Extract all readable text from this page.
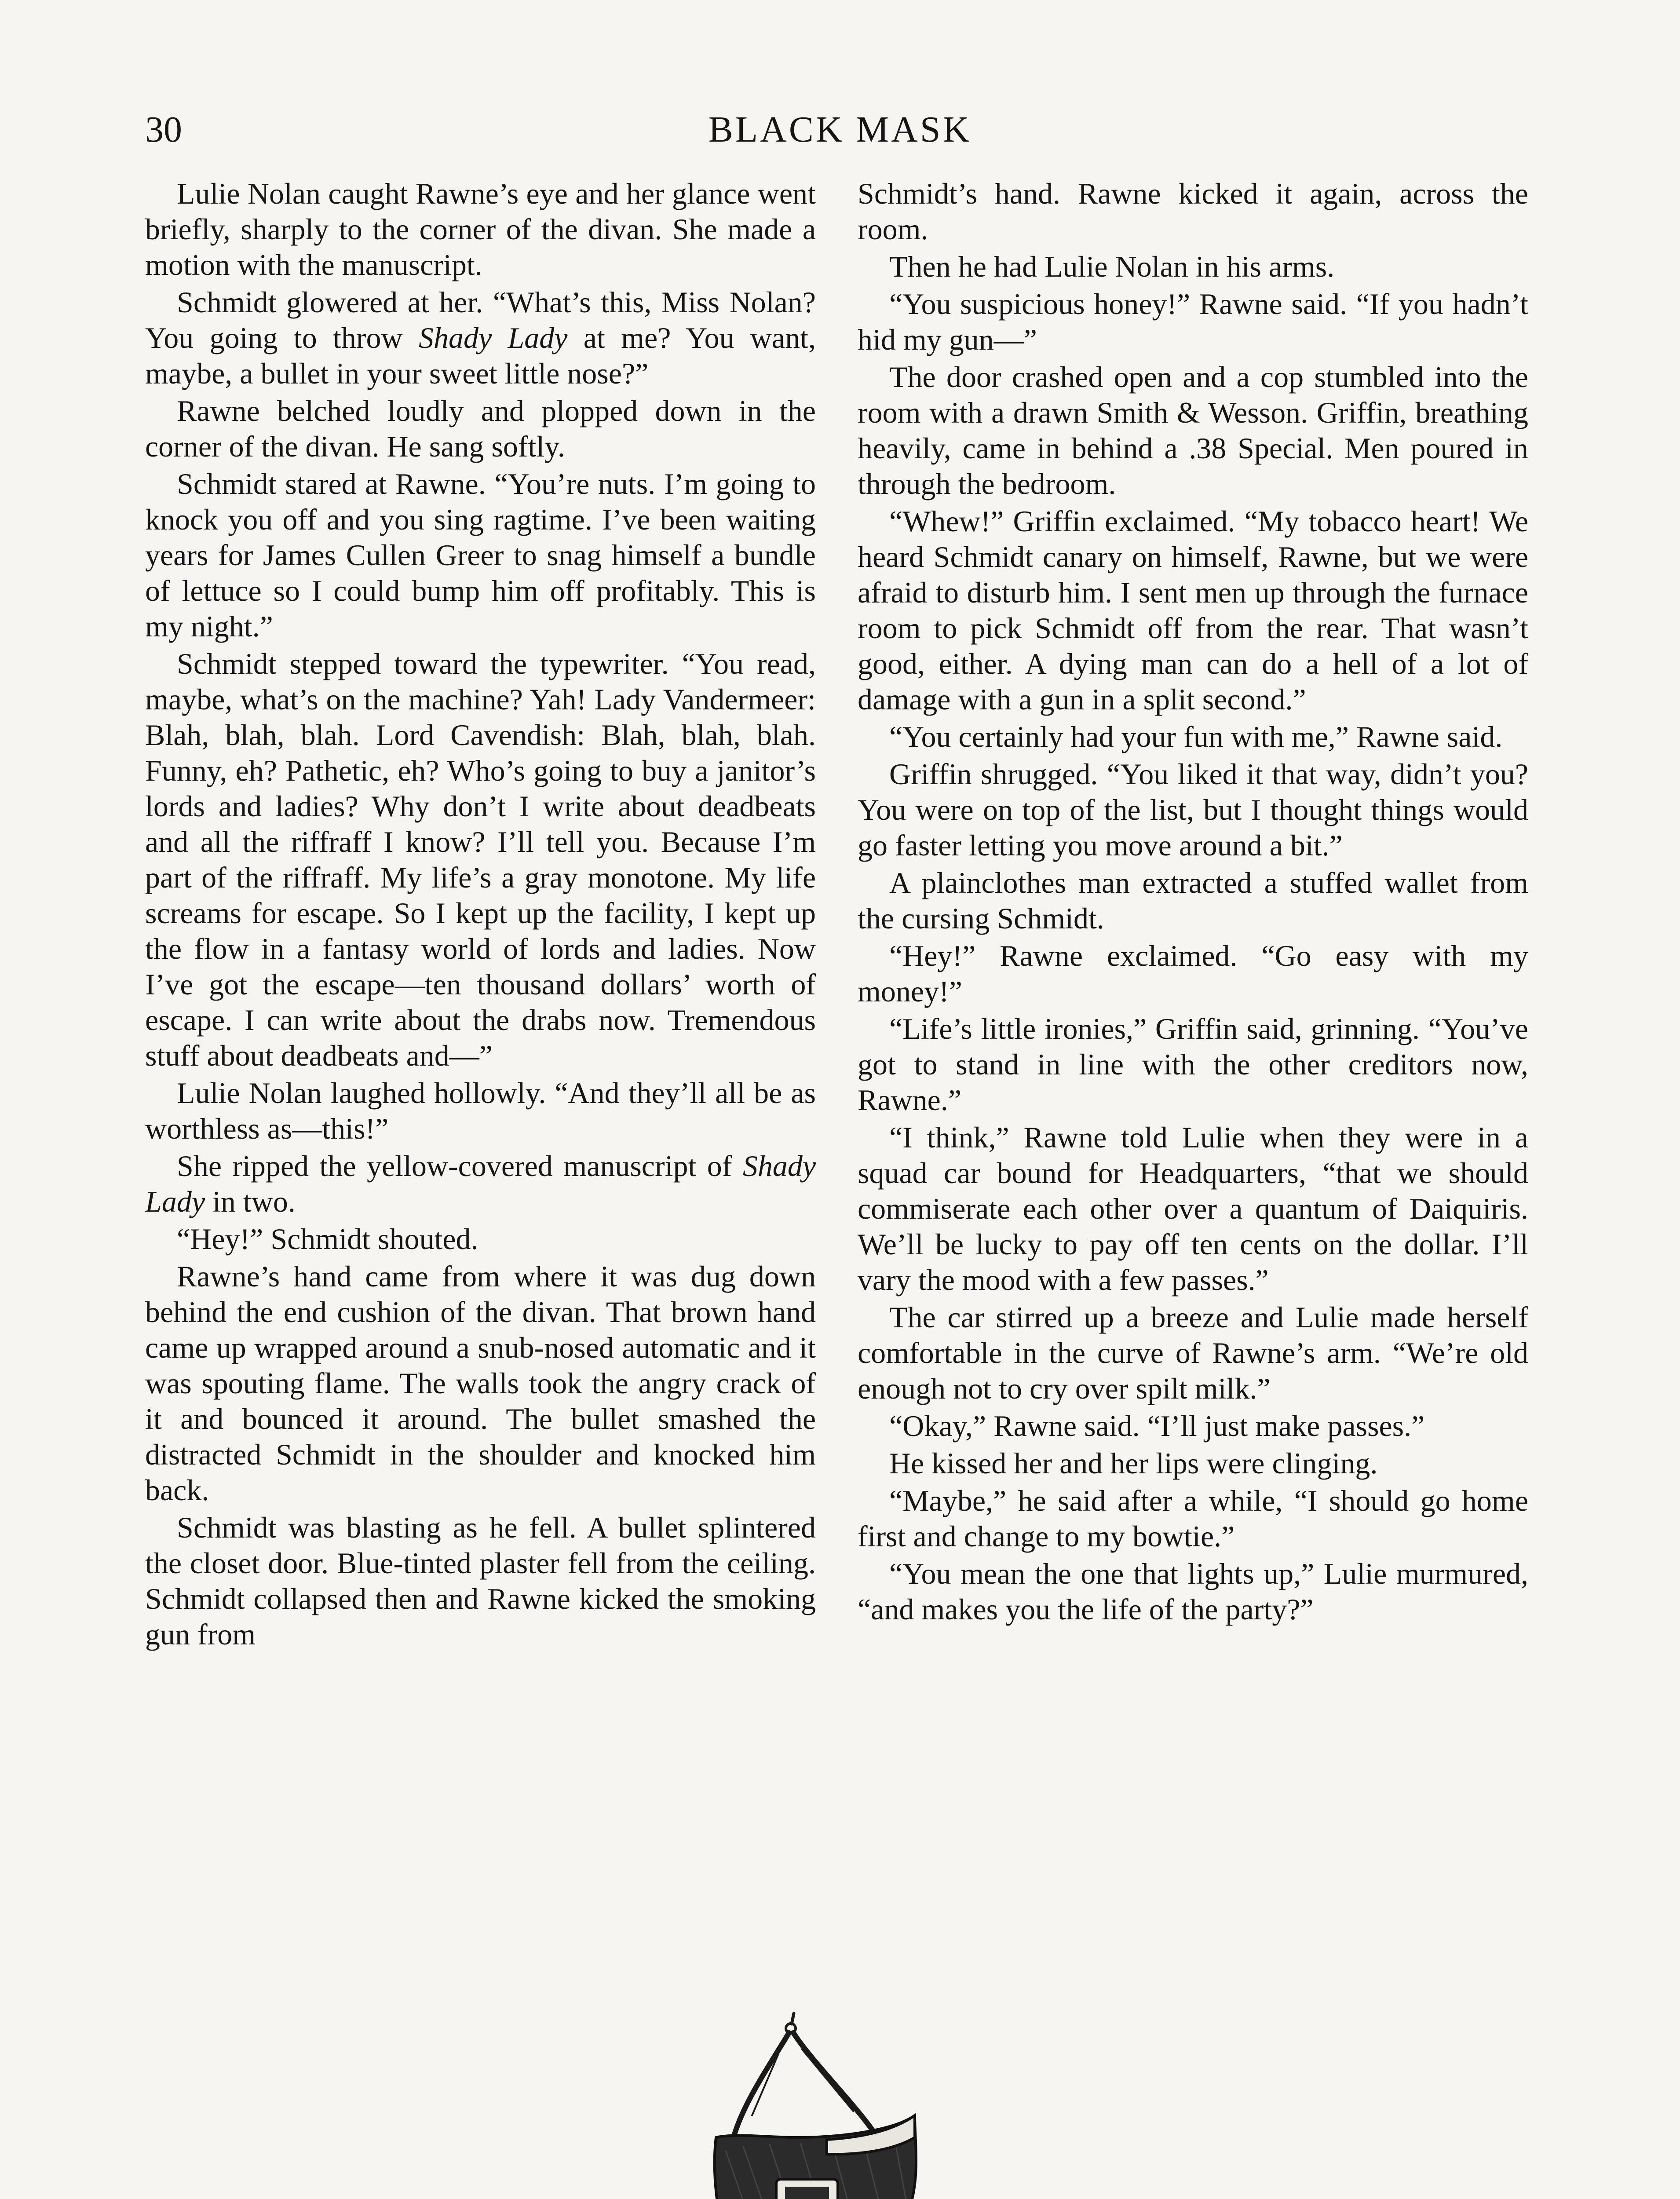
30	BLACK MASK

Lulie Nolan caught Rawne’s eye and her glance went briefly, sharply to the corner of the divan. She made a motion with the manuscript.

Schmidt glowered at her. “What’s this, Miss Nolan? You going to throw Shady Lady at me? You want, maybe, a bullet in your sweet little nose?”

Rawne belched loudly and plopped down in the corner of the divan. He sang softly.

Schmidt stared at Rawne. “You’re nuts. I’m going to knock you off and you sing ragtime. I’ve been waiting years for James Cullen Greer to snag himself a bundle of lettuce so I could bump him off profitably. This is my night.”

Schmidt stepped toward the typewriter. “You read, maybe, what’s on the machine? Yah! Lady Vandermeer: Blah, blah, blah. Lord Cavendish: Blah, blah, blah. Funny, eh? Pathetic, eh? Who’s going to buy a janitor’s lords and ladies? Why don’t I write about deadbeats and all the riffraff I know? I’ll tell you. Because I’m part of the riffraff. My life’s a gray monotone. My life screams for escape. So I kept up the facility, I kept up the flow in a fantasy world of lords and ladies. Now I’ve got the escape—ten thousand dollars’ worth of escape. I can write about the drabs now. Tremendous stuff about deadbeats and—”

Lulie Nolan laughed hollowly. “And they’ll all be as worthless as—this!”

She ripped the yellow-covered manuscript of Shady Lady in two.

“Hey!” Schmidt shouted.

Rawne’s hand came from where it was dug down behind the end cushion of the divan. That brown hand came up wrapped around a snub-nosed automatic and it was spouting flame. The walls took the angry crack of it and bounced it around. The bullet smashed the distracted Schmidt in the shoulder and knocked him back.

Schmidt was blasting as he fell. A bullet splintered the closet door. Blue-tinted plaster fell from the ceiling. Schmidt collapsed then and Rawne kicked the smoking gun from

Schmidt’s hand. Rawne kicked it again, across the room.

Then he had Lulie Nolan in his arms.

“You suspicious honey!” Rawne said. “If you hadn’t hid my gun—”

The door crashed open and a cop stumbled into the room with a drawn Smith & Wesson. Griffin, breathing heavily, came in behind a .38 Special. Men poured in through the bedroom.

“Whew!” Griffin exclaimed. “My tobacco heart! We heard Schmidt canary on himself, Rawne, but we were afraid to disturb him. I sent men up through the furnace room to pick Schmidt off from the rear. That wasn’t good, either. A dying man can do a hell of a lot of damage with a gun in a split second.”

“You certainly had your fun with me,” Rawne said.

Griffin shrugged. “You liked it that way, didn’t you? You were on top of the list, but I thought things would go faster letting you move around a bit.”

A plainclothes man extracted a stuffed wallet from the cursing Schmidt.

“Hey!” Rawne exclaimed. “Go easy with my money!”

“Life’s little ironies,” Griffin said, grinning. “You’ve got to stand in line with the other creditors now, Rawne.”

“I think,” Rawne told Lulie when they were in a squad car bound for Headquarters, “that we should commiserate each other over a quantum of Daiquiris. We’ll be lucky to pay off ten cents on the dollar. I’ll vary the mood with a few passes.”

The car stirred up a breeze and Lulie made herself comfortable in the curve of Rawne’s arm. “We’re old enough not to cry over spilt milk.”

“Okay,” Rawne said. “I’ll just make passes.”

He kissed her and her lips were clinging.

“Maybe,” he said after a while, “I should go home first and change to my bowtie.”

“You mean the one that lights up,” Lulie murmured, “and makes you the life of the party?”
